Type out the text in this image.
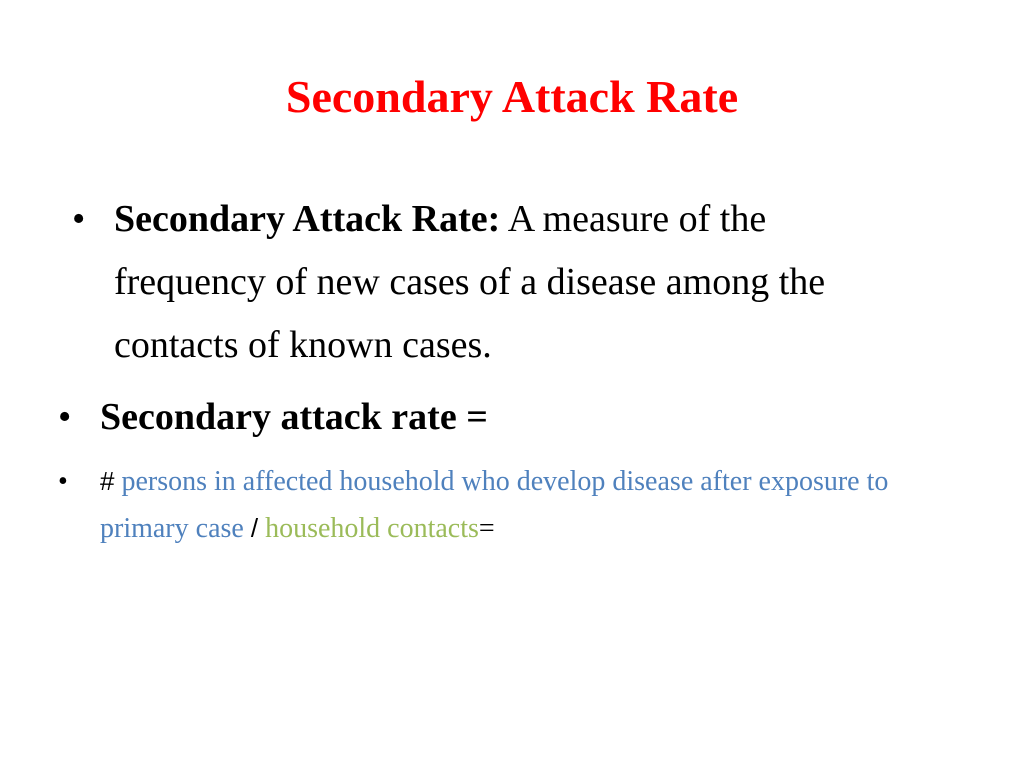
Secondary Attack Rate
• Secondary Attack Rate: A measure of the frequency of new cases of a disease among the contacts of known cases.
• Secondary attack rate =
•	# persons in affected household who develop disease after exposure to primary case / household contacts=
